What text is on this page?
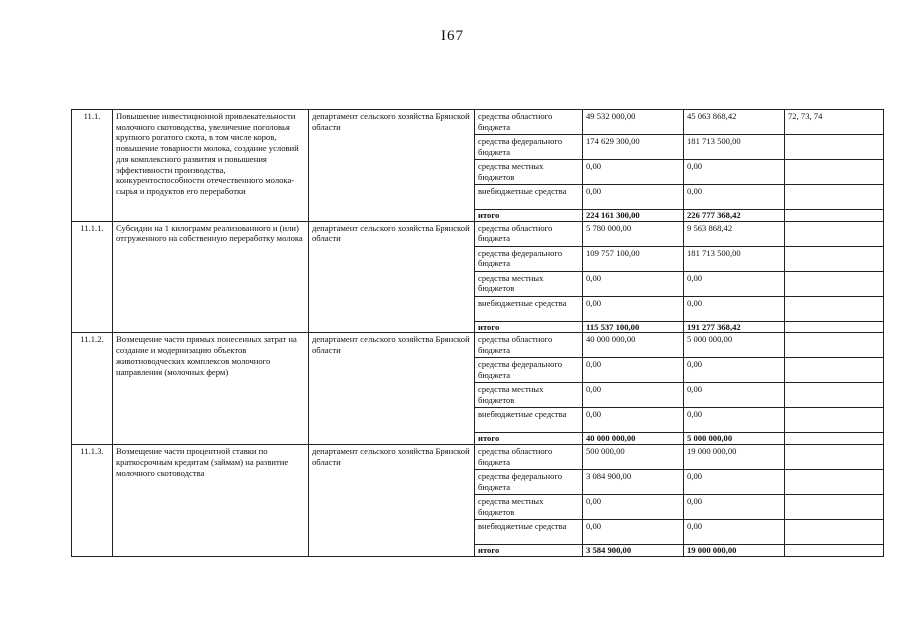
I67
11.1.	Повышение инвестиционной привлекательности молочного скотоводства, увеличение поголовья крупного рогатого скота, в том числе коров, повышение товарности молока, создание условий для комплексного развития и повышения эффективности производства, конкурентоспособности отечественного молока-сырья и продуктов его переработки	департамент сельского хозяйства Брянской области	средства областного бюджета	49 532 000,00	45 063 868,42	72, 73, 74
			средства федерального бюджета	174 629 300,00	181 713 500,00	
			средства местных бюджетов	0,00	0,00	
			внебюджетные средства	0,00	0,00	
			итого	224 161 300,00	226 777 368,42	
11.1.1.	Субсидии на 1 килограмм реализованного и (или) отгруженного на собственную переработку молока	департамент сельского хозяйства Брянской области	средства областного бюджета	5 780 000,00	9 563 868,42	
			средства федерального бюджета	109 757 100,00	181 713 500,00	
			средства местных бюджетов	0,00	0,00	
			внебюджетные средства	0,00	0,00	
			итого	115 537 100,00	191 277 368,42	
11.1.2.	Возмещение части прямых понесенных затрат на создание и модернизацию объектов животноводческих комплексов молочного направления (молочных ферм)	департамент сельского хозяйства Брянской области	средства областного бюджета	40 000 000,00	5 000 000,00	
			средства федерального бюджета	0,00	0,00	
			средства местных бюджетов	0,00	0,00	
			внебюджетные средства	0,00	0,00	
			итого	40 000 000,00	5 000 000,00	
11.1.3.	Возмещение части процентной ставки по краткосрочным кредитам (займам) на развитие молочного скотоводства	департамент сельского хозяйства Брянской области	средства областного бюджета	500 000,00	19 000 000,00	
			средства федерального бюджета	3 084 900,00	0,00	
			средства местных бюджетов	0,00	0,00	
			внебюджетные средства	0,00	0,00	
			итого	3 584 900,00	19 000 000,00	
